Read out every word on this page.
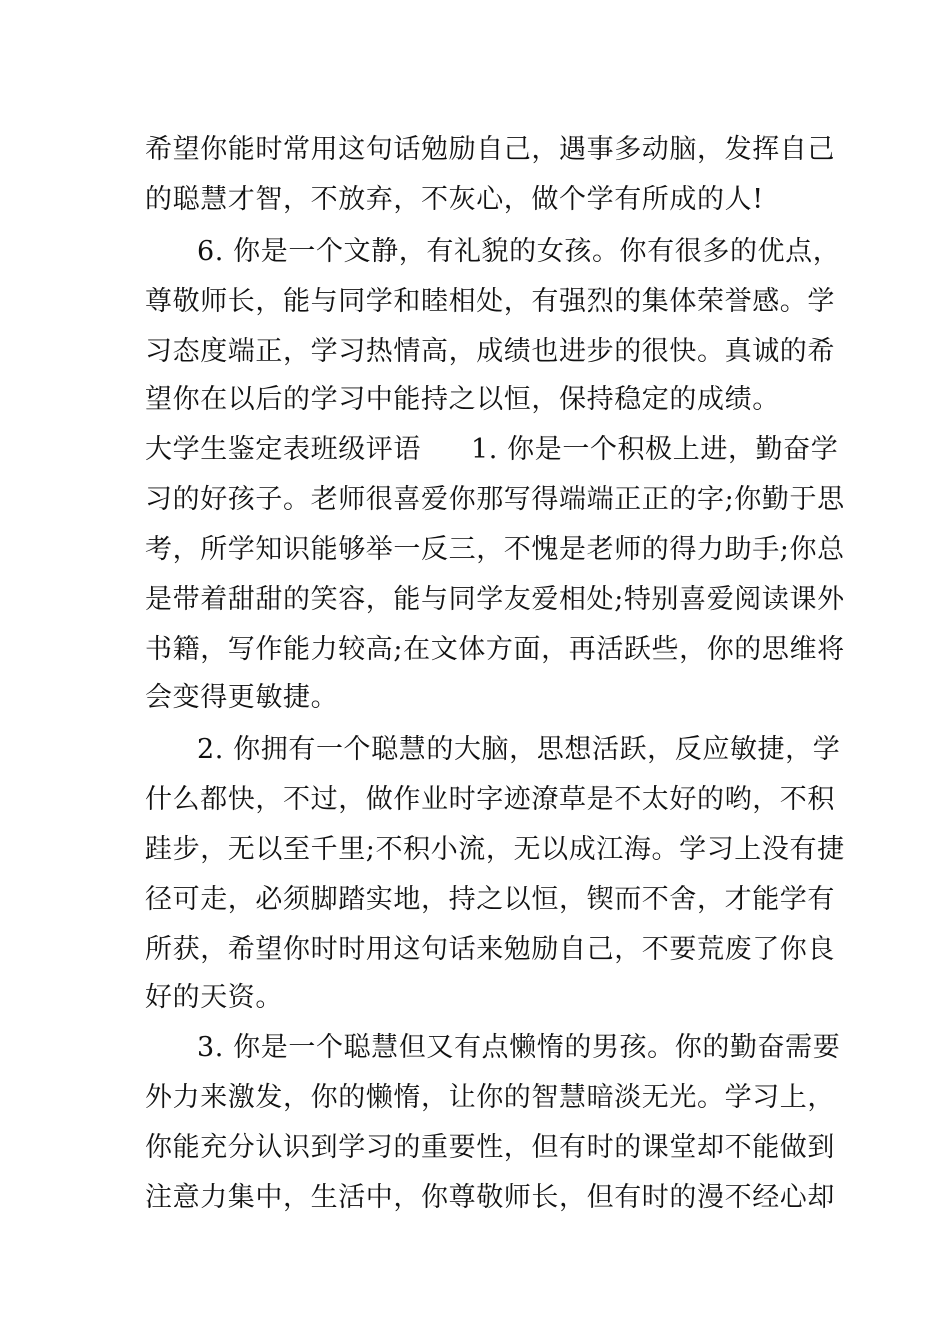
希望你能时常用这句话勉励自己，遇事多动脑，发挥自己

的聪慧才智，不放弃，不灰心，做个学有所成的人!

6. 你是一个文静，有礼貌的女孩。你有很多的优点，

尊敬师长，能与同学和睦相处，有强烈的集体荣誉感。学

习态度端正，学习热情高，成绩也进步的很快。真诚的希

望你在以后的学习中能持之以恒，保持稳定的成绩。

大学生鉴定表班级评语 1. 你是一个积极上进，勤奋学

习的好孩子。老师很喜爱你那写得端端正正的字;你勤于思

考，所学知识能够举一反三，不愧是老师的得力助手;你总

是带着甜甜的笑容，能与同学友爱相处;特别喜爱阅读课外

书籍，写作能力较高;在文体方面，再活跃些，你的思维将

会变得更敏捷。

2. 你拥有一个聪慧的大脑，思想活跃，反应敏捷，学

什么都快，不过，做作业时字迹潦草是不太好的哟，不积

跬步，无以至千里;不积小流，无以成江海。学习上没有捷

径可走，必须脚踏实地，持之以恒，锲而不舍，才能学有

所获，希望你时时用这句话来勉励自己，不要荒废了你良

好的天资。

3. 你是一个聪慧但又有点懒惰的男孩。你的勤奋需要

外力来激发，你的懒惰，让你的智慧暗淡无光。学习上，

你能充分认识到学习的重要性，但有时的课堂却不能做到

注意力集中，生活中，你尊敬师长，但有时的漫不经心却
